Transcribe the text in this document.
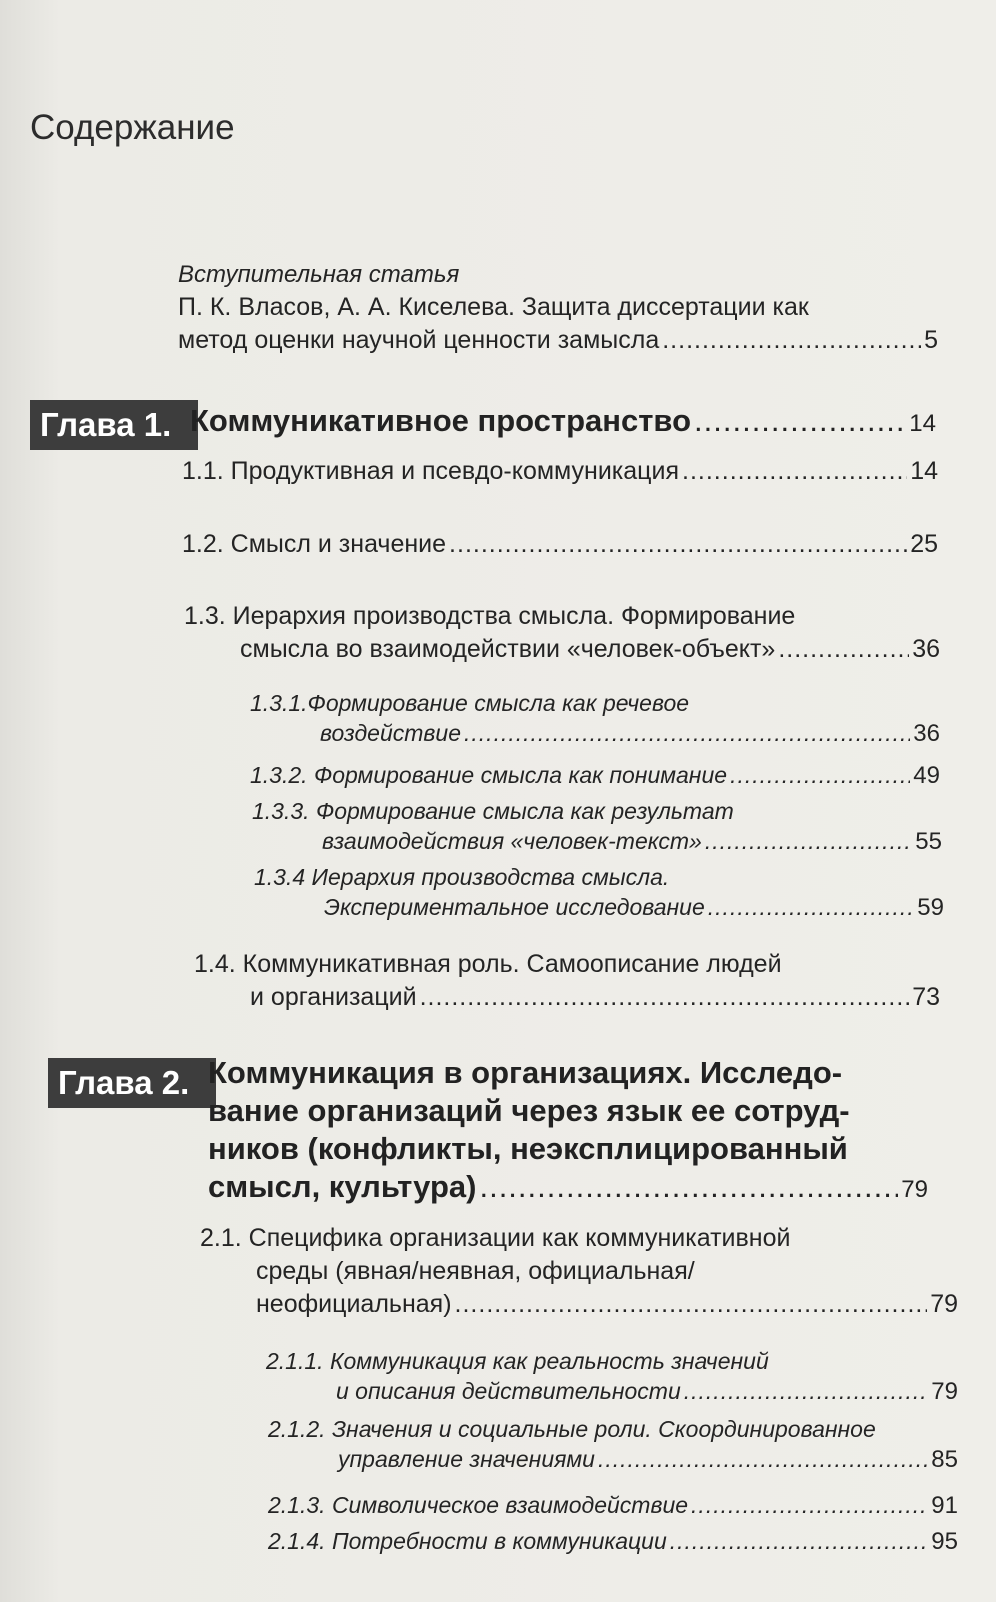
Содержание
Вступительная статья
П. К. Власов, А. А. Киселева. Защита диссертации как
метод оценки научной ценности замысла .....	5
Глава 1. Коммуникативное пространство .....	14
1.1. Продуктивная и псевдо-коммуникация .....	14
1.2. Смысл и значение .....	25
1.3. Иерархия производства смысла. Формирование
смысла во взаимодействии «человек-объект» .....	36
1.3.1.Формирование смысла как речевое
воздействие .....	36
1.3.2. Формирование смысла как понимание .....	49
1.3.3. Формирование смысла как результат
взаимодействия «человек-текст» .....	55
1.3.4 Иерархия производства смысла.
Экспериментальное исследование .....	59
1.4. Коммуникативная роль. Самоописание людей
и организаций .....	73
Глава 2. Коммуникация в организациях. Исследо-
вание организаций через язык ее сотруд-
ников (конфликты, неэксплицированный
смысл, культура) .....	79
2.1. Специфика организации как коммуникативной
среды (явная/неявная, официальная/
неофициальная) .....	79
2.1.1. Коммуникация как реальность значений
и описания действительности .....	79
2.1.2. Значения и социальные роли. Скоординированное
управление значениями .....	85
2.1.3. Символическое взаимодействие .....	91
2.1.4. Потребности в коммуникации .....	95
